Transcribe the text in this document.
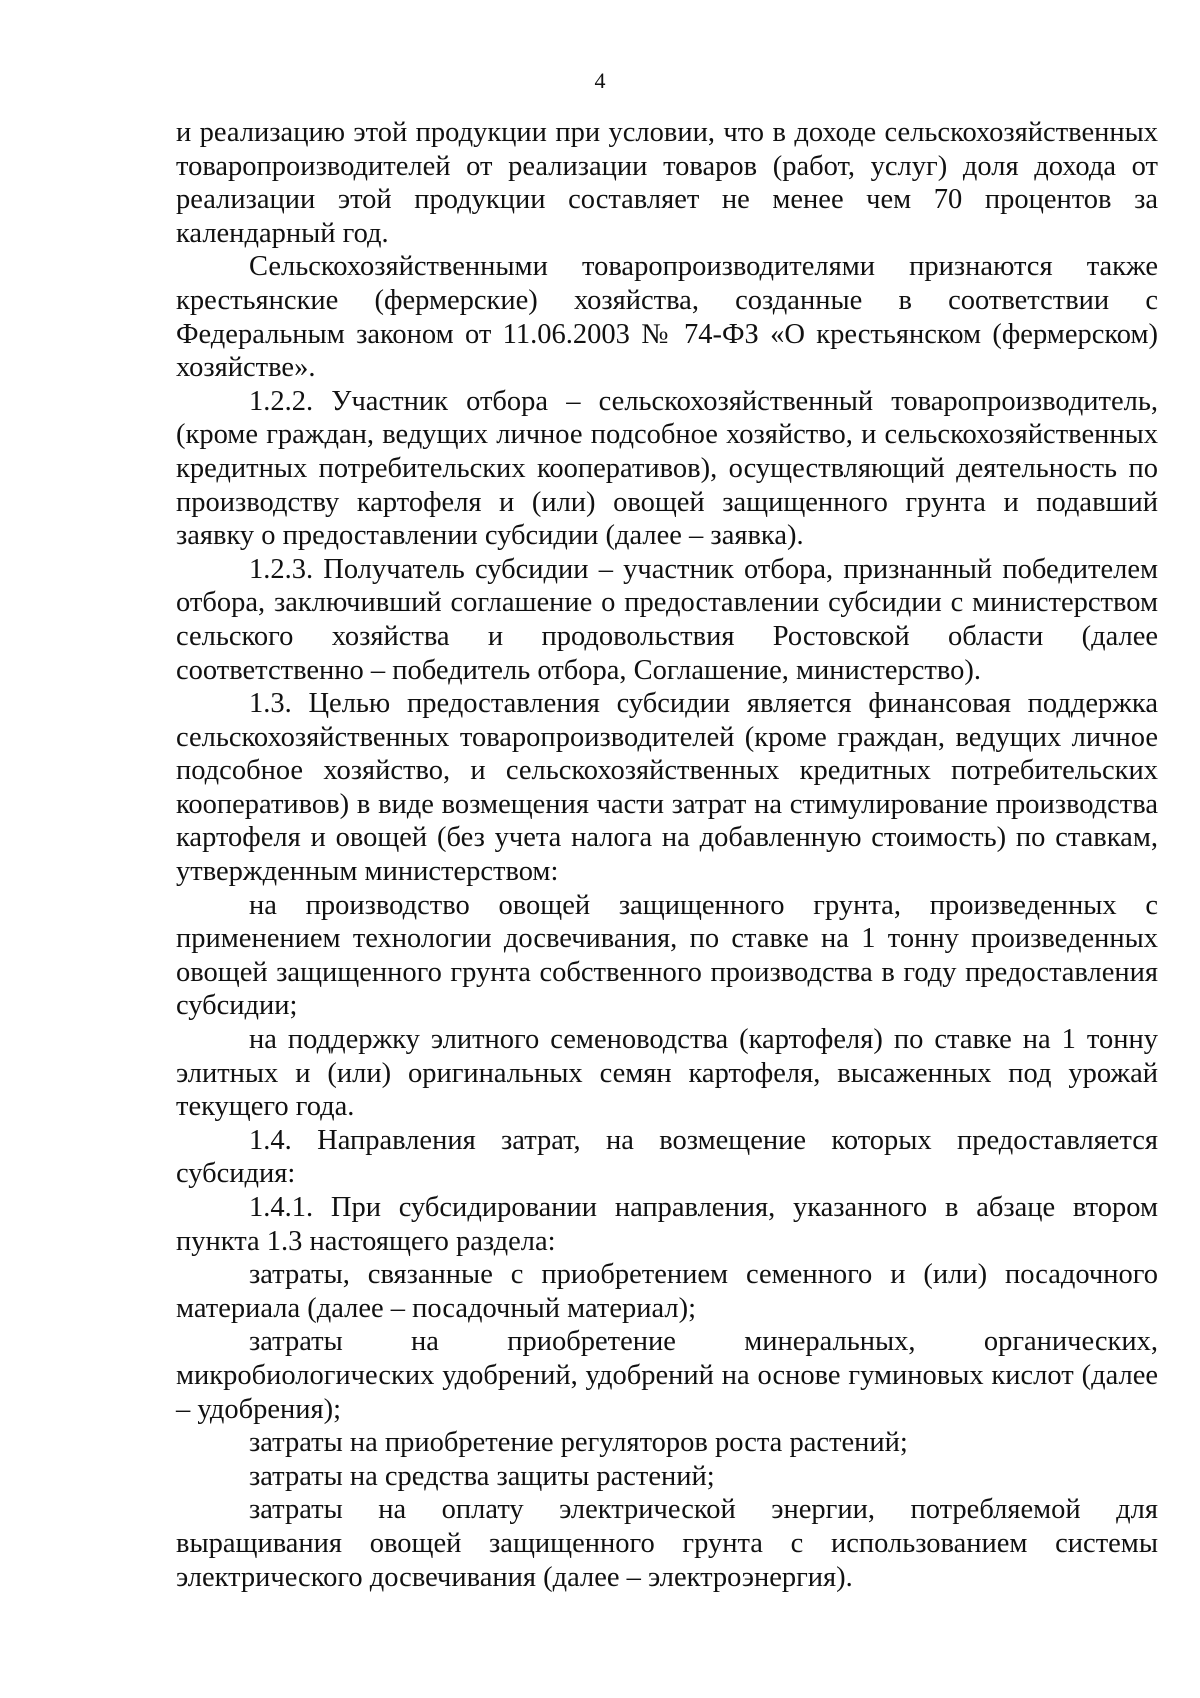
4

и реализацию этой продукции при условии, что в доходе сельскохозяйственных товаропроизводителей от реализации товаров (работ, услуг) доля дохода от реализации этой продукции составляет не менее чем 70 процентов за календарный год.

Сельскохозяйственными товаропроизводителями признаются также крестьянские (фермерские) хозяйства, созданные в соответствии с Федеральным законом от 11.06.2003 № 74-ФЗ «О крестьянском (фермерском) хозяйстве».

1.2.2. Участник отбора – сельскохозяйственный товаропроизводитель, (кроме граждан, ведущих личное подсобное хозяйство, и сельскохозяйственных кредитных потребительских кооперативов), осуществляющий деятельность по производству картофеля и (или) овощей защищенного грунта и подавший заявку о предоставлении субсидии (далее – заявка).

1.2.3. Получатель субсидии – участник отбора, признанный победителем отбора, заключивший соглашение о предоставлении субсидии с министерством сельского хозяйства и продовольствия Ростовской области (далее соответственно – победитель отбора, Соглашение, министерство).

1.3. Целью предоставления субсидии является финансовая поддержка сельскохозяйственных товаропроизводителей (кроме граждан, ведущих личное подсобное хозяйство, и сельскохозяйственных кредитных потребительских кооперативов) в виде возмещения части затрат на стимулирование производства картофеля и овощей (без учета налога на добавленную стоимость) по ставкам, утвержденным министерством:

на производство овощей защищенного грунта, произведенных с применением технологии досвечивания, по ставке на 1 тонну произведенных овощей защищенного грунта собственного производства в году предоставления субсидии;

на поддержку элитного семеноводства (картофеля) по ставке на 1 тонну элитных и (или) оригинальных семян картофеля, высаженных под урожай текущего года.

1.4. Направления затрат, на возмещение которых предоставляется субсидия:

1.4.1. При субсидировании направления, указанного в абзаце втором пункта 1.3 настоящего раздела:

затраты, связанные с приобретением семенного и (или) посадочного материала (далее – посадочный материал);

затраты на приобретение минеральных, органических, микробиологических удобрений, удобрений на основе гуминовых кислот (далее – удобрения);

затраты на приобретение регуляторов роста растений;

затраты на средства защиты растений;

затраты на оплату электрической энергии, потребляемой для выращивания овощей защищенного грунта с использованием системы электрического досвечивания (далее – электроэнергия).
